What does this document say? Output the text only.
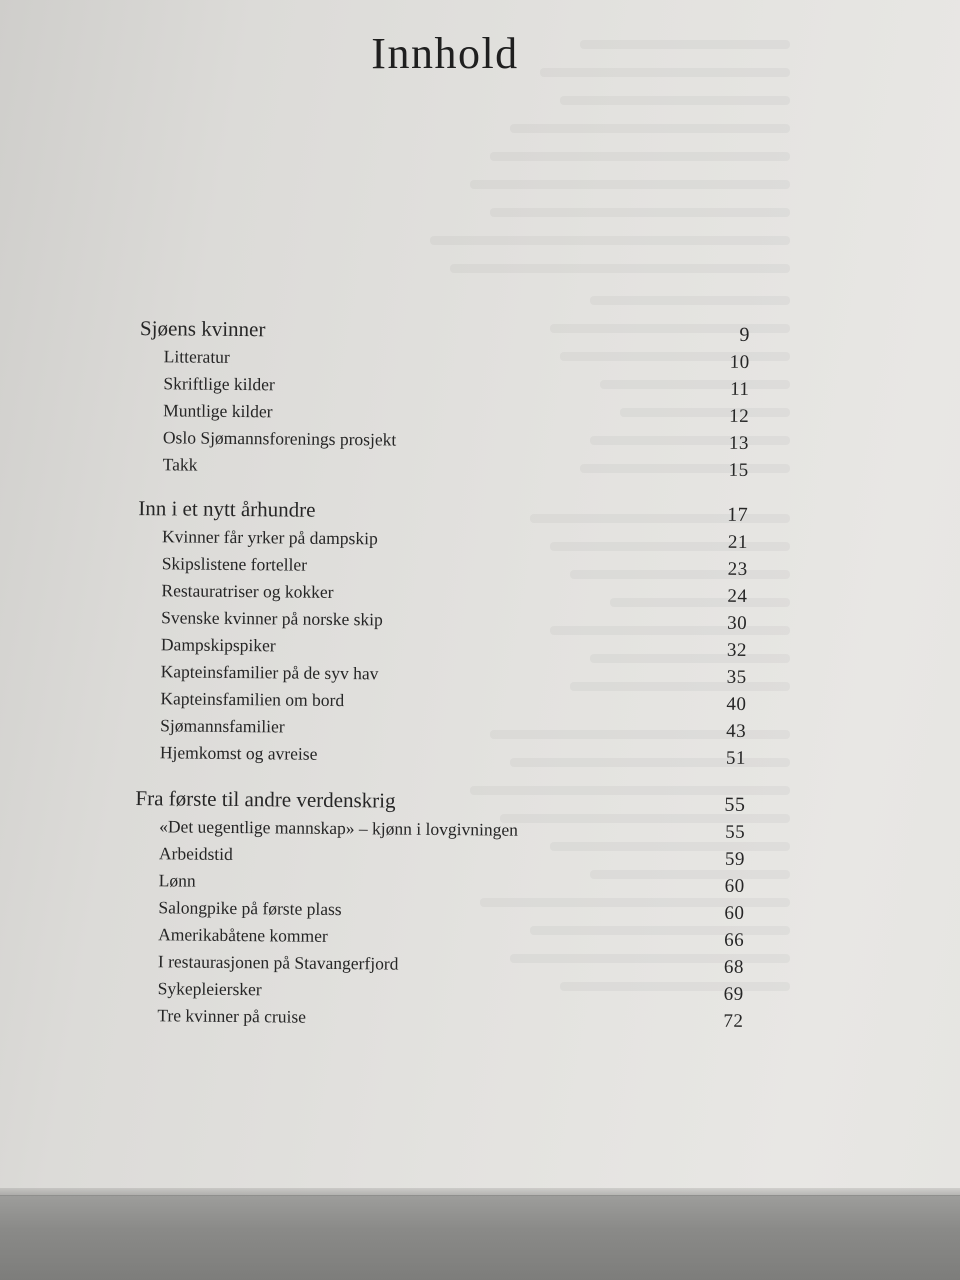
Innhold
Sjøens kvinner	9
Litteratur	10
Skriftlige kilder	11
Muntlige kilder	12
Oslo Sjømannsforenings prosjekt	13
Takk	15
Inn i et nytt århundre	17
Kvinner får yrker på dampskip	21
Skipslistene forteller	23
Restauratriser og kokker	24
Svenske kvinner på norske skip	30
Dampskipspiker	32
Kapteinsfamilier på de syv hav	35
Kapteinsfamilien om bord	40
Sjømannsfamilier	43
Hjemkomst og avreise	51
Fra første til andre verdenskrig	55
«Det uegentlige mannskap» – kjønn i lovgivningen	55
Arbeidstid	59
Lønn	60
Salongpike på første plass	60
Amerikabåtene kommer	66
I restaurasjonen på Stavangerfjord	68
Sykepleiersker	69
Tre kvinner på cruise	72
